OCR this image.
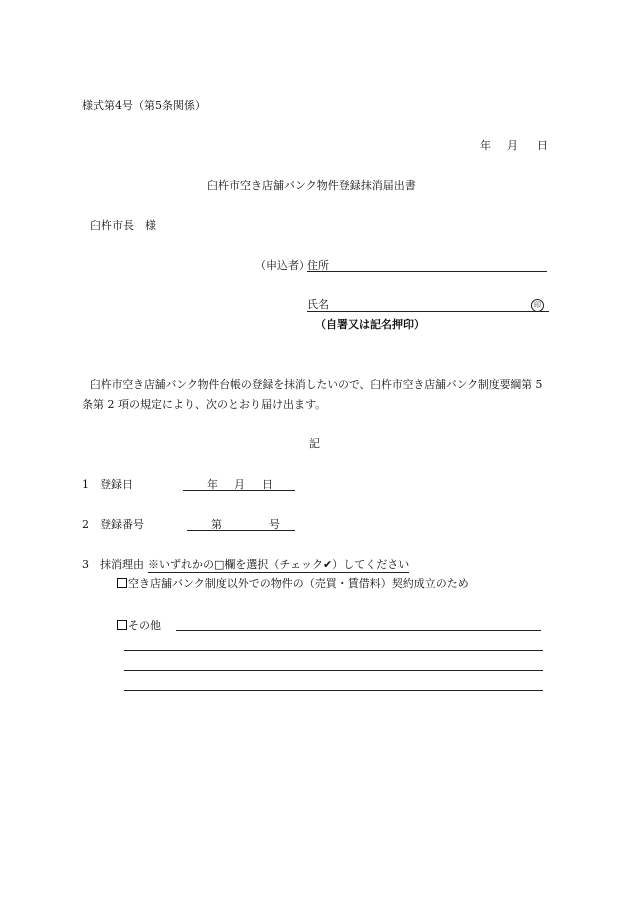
様式第4号（第5条関係）
年 月 日
臼杵市空き店舗バンク物件登録抹消届出書
臼杵市長　様
（申込者）
住所
氏名	印
（自署又は記名押印）
臼杵市空き店舗バンク物件台帳の登録を抹消したいので、臼杵市空き店舗バンク制度要綱第 5
条第 2 項の規定により、次のとおり届け出ます。
記
1　登録日	年 月 日
2　登録番号	第	号
3　抹消理由 ※いずれかの□欄を選択（チェック✔）してください
空き店舗バンク制度以外での物件の（売買・賃借料）契約成立のため
その他
